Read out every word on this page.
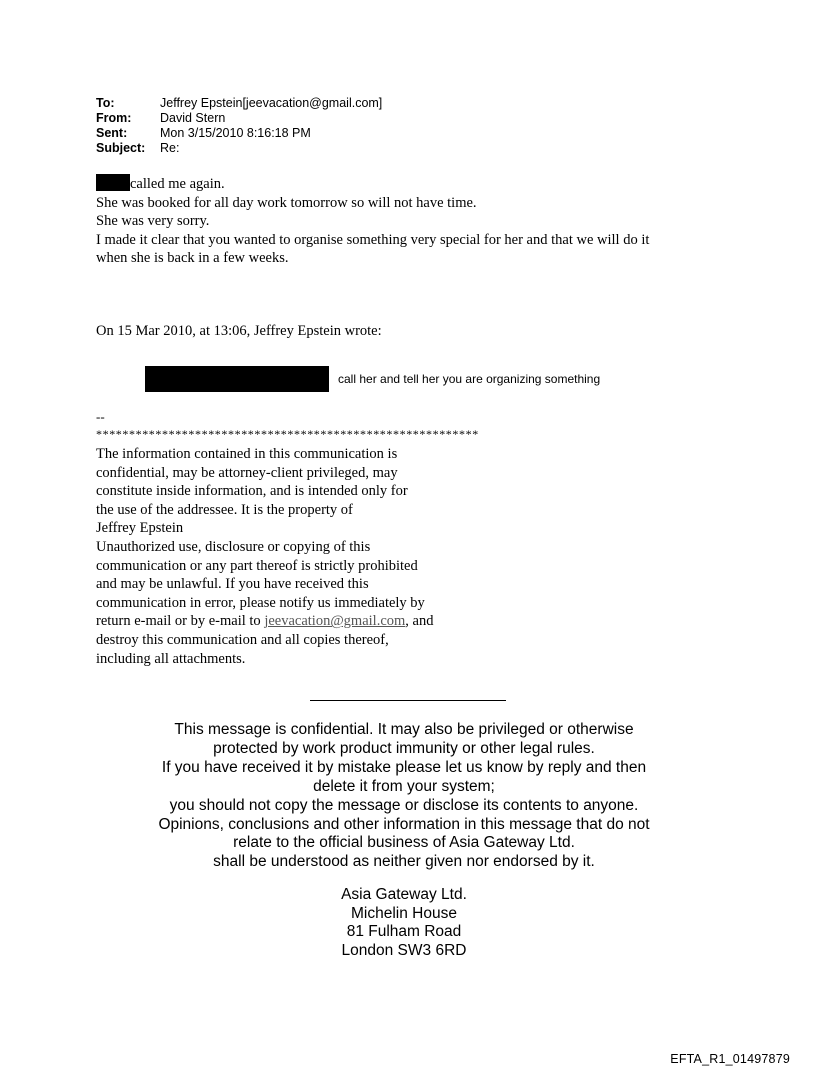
To:	Jeffrey Epstein[jeevacation@gmail.com]
From:	David Stern
Sent:	Mon 3/15/2010 8:16:18 PM
Subject:	Re:
called me again.
She was booked for all day work tomorrow so will not have time.
She was very sorry.
I made it clear that you wanted to organise something very special for her and that we will do it
when she is back in a few weeks.
On 15 Mar 2010, at 13:06, Jeffrey Epstein wrote:
call her and tell her you are organizing something
--
**********************************************************
The information contained in this communication is
confidential, may be attorney-client privileged, may
constitute inside information, and is intended only for
the use of the addressee. It is the property of
Jeffrey Epstein
Unauthorized use, disclosure or copying of this
communication or any part thereof is strictly prohibited
and may be unlawful. If you have received this
communication in error, please notify us immediately by
return e-mail or by e-mail to jeevacation@gmail.com, and
destroy this communication and all copies thereof,
including all attachments.
This message is confidential. It may also be privileged or otherwise
protected by work product immunity or other legal rules.
If you have received it by mistake please let us know by reply and then
delete it from your system;
you should not copy the message or disclose its contents to anyone.
Opinions, conclusions and other information in this message that do not
relate to the official business of Asia Gateway Ltd.
shall be understood as neither given nor endorsed by it.
Asia Gateway Ltd.
Michelin House
81 Fulham Road
London SW3 6RD
EFTA_R1_01497879
